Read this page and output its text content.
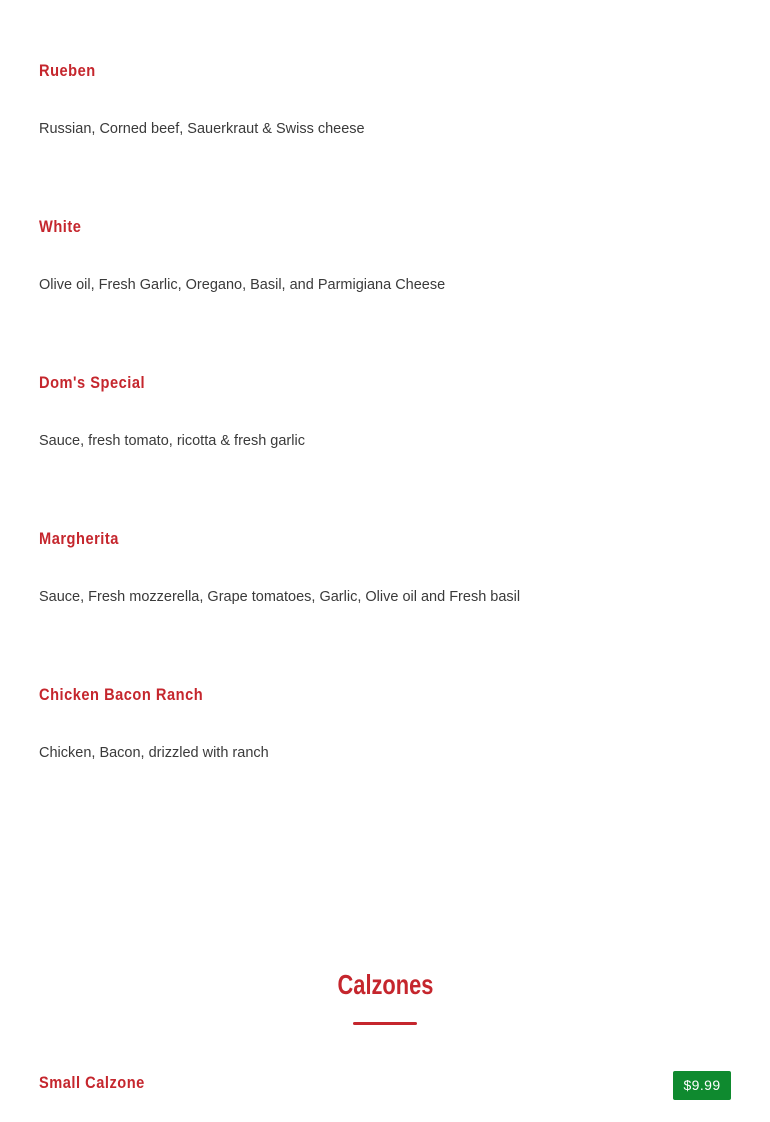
Rueben

Russian, Corned beef, Sauerkraut & Swiss cheese

White

Olive oil, Fresh Garlic, Oregano, Basil, and Parmigiana Cheese

Dom's Special

Sauce, fresh tomato, ricotta & fresh garlic

Margherita

Sauce, Fresh mozzerella, Grape tomatoes, Garlic, Olive oil and Fresh basil

Chicken Bacon Ranch

Chicken, Bacon, drizzled with ranch

Calzones
Small Calzone	$9.99
